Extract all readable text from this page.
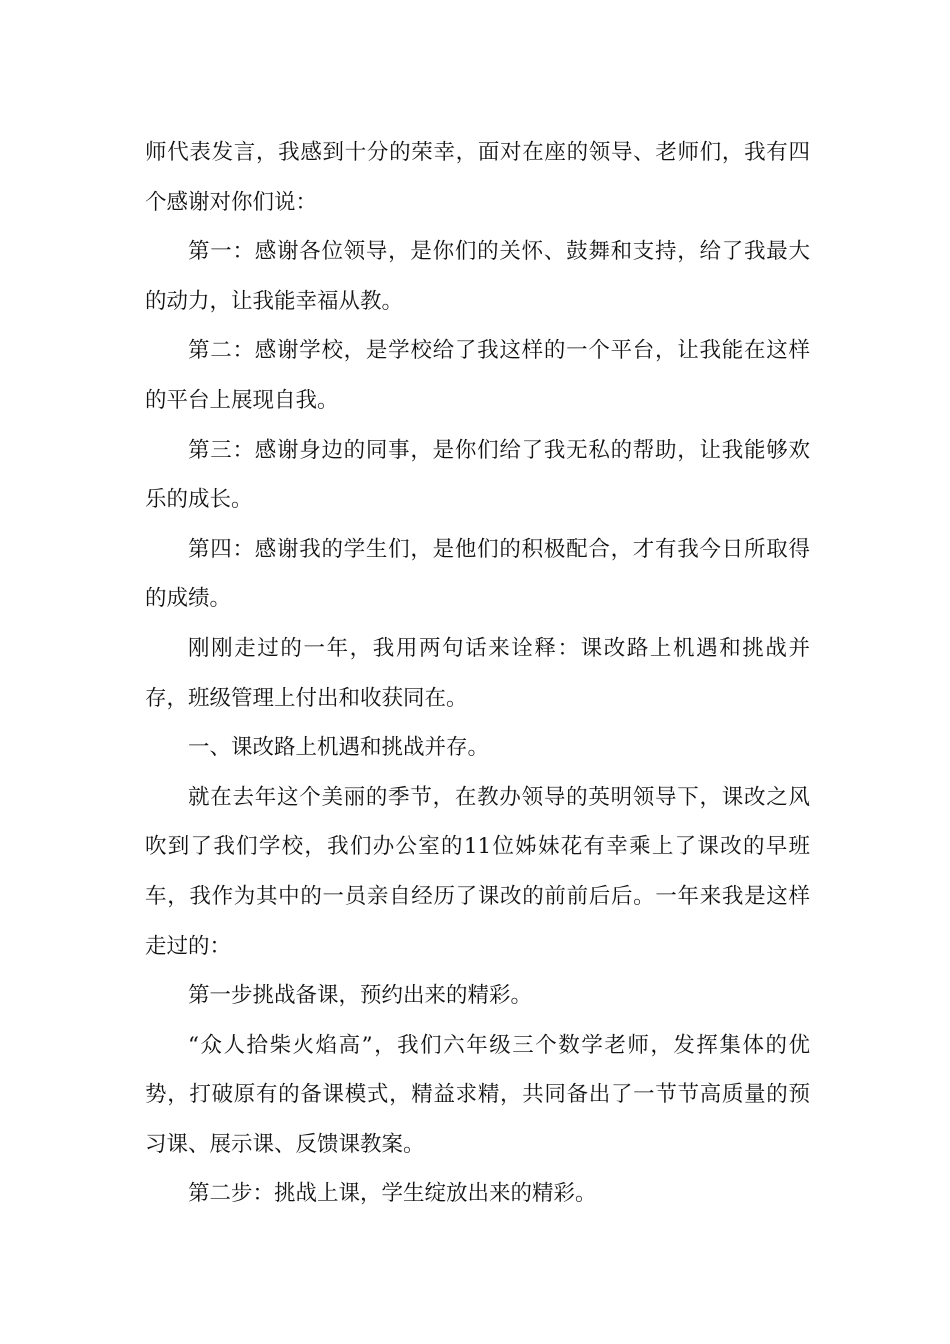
师代表发言，我感到十分的荣幸，面对在座的领导、老师们，我有四个感谢对你们说：

第一：感谢各位领导，是你们的关怀、鼓舞和支持，给了我最大的动力，让我能幸福从教。

第二：感谢学校，是学校给了我这样的一个平台，让我能在这样的平台上展现自我。

第三：感谢身边的同事，是你们给了我无私的帮助，让我能够欢乐的成长。

第四：感谢我的学生们，是他们的积极配合，才有我今日所取得的成绩。

刚刚走过的一年，我用两句话来诠释：课改路上机遇和挑战并存，班级管理上付出和收获同在。

一、课改路上机遇和挑战并存。

就在去年这个美丽的季节，在教办领导的英明领导下，课改之风吹到了我们学校，我们办公室的11位姊妹花有幸乘上了课改的早班车，我作为其中的一员亲自经历了课改的前前后后。一年来我是这样走过的：

第一步挑战备课，预约出来的精彩。

“众人拾柴火焰高”，我们六年级三个数学老师，发挥集体的优势，打破原有的备课模式，精益求精，共同备出了一节节高质量的预习课、展示课、反馈课教案。

第二步：挑战上课，学生绽放出来的精彩。
